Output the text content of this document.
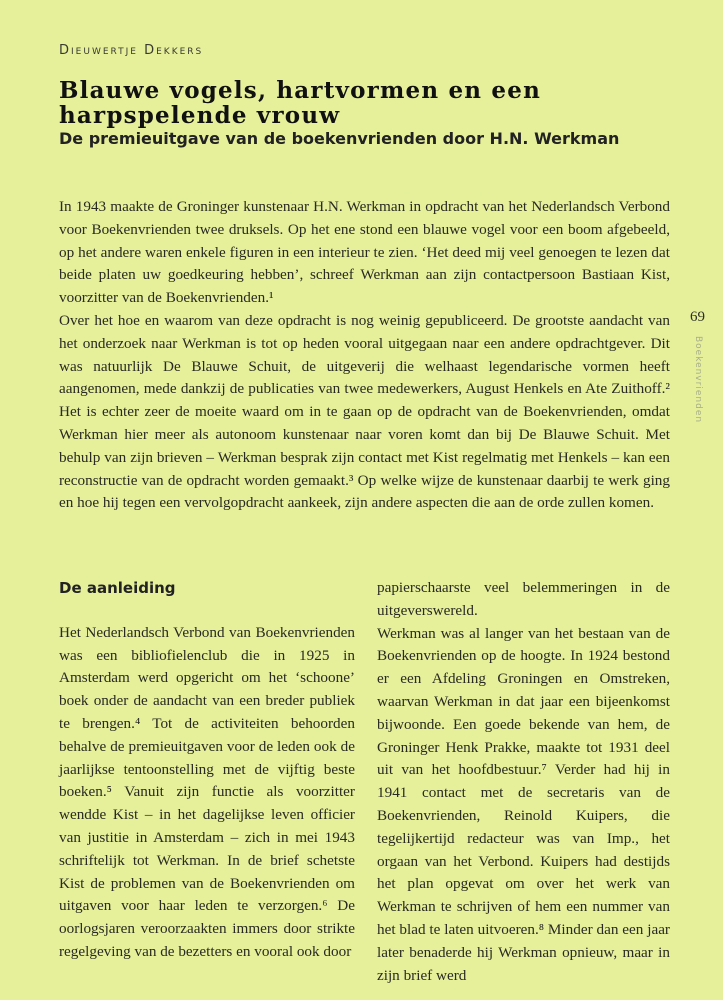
Dieuwertje Dekkers
Blauwe vogels, hartvormen en een harpspelende vrouw
De premieuitgave van de boekenvrienden door H.N. Werkman

In 1943 maakte de Groninger kunstenaar H.N. Werkman in opdracht van het Nederlandsch Verbond voor Boekenvrienden twee druksels. Op het ene stond een blauwe vogel voor een boom afgebeeld, op het andere waren enkele figuren in een interieur te zien. ‘Het deed mij veel genoegen te lezen dat beide platen uw goedkeuring hebben’, schreef Werkman aan zijn contactpersoon Bastiaan Kist, voorzitter van de Boekenvrienden.¹

Over het hoe en waarom van deze opdracht is nog weinig gepubliceerd. De grootste aandacht van het onderzoek naar Werkman is tot op heden vooral uitgegaan naar een andere opdrachtgever. Dit was natuurlijk De Blauwe Schuit, de uitgeverij die welhaast legendarische vormen heeft aangenomen, mede dankzij de publicaties van twee medewerkers, August Henkels en Ate Zuithoff.² Het is echter zeer de moeite waard om in te gaan op de opdracht van de Boekenvrienden, omdat Werkman hier meer als autonoom kunstenaar naar voren komt dan bij De Blauwe Schuit. Met behulp van zijn brieven – Werkman besprak zijn contact met Kist regelmatig met Henkels – kan een reconstructie van de opdracht worden gemaakt.³ Op welke wijze de kunstenaar daarbij te werk ging en hoe hij tegen een vervolgopdracht aankeek, zijn andere aspecten die aan de orde zullen komen.

69
Boekenvrienden
De aanleiding

Het Nederlandsch Verbond van Boekenvrienden was een bibliofielenclub die in 1925 in Amsterdam werd opgericht om het ‘schoone’ boek onder de aandacht van een breder publiek te brengen.⁴ Tot de activiteiten behoorden behalve de premieuitgaven voor de leden ook de jaarlijkse tentoonstelling met de vijftig beste boeken.⁵ Vanuit zijn functie als voorzitter wendde Kist – in het dagelijkse leven officier van justitie in Amsterdam – zich in mei 1943 schriftelijk tot Werkman. In de brief schetste Kist de problemen van de Boekenvrienden om uitgaven voor haar leden te verzorgen.⁶ De oorlogsjaren veroorzaakten immers door strikte regelgeving van de bezetters en vooral ook door

papierschaarste veel belemmeringen in de uitgeverswereld.

Werkman was al langer van het bestaan van de Boekenvrienden op de hoogte. In 1924 bestond er een Afdeling Groningen en Omstreken, waarvan Werkman in dat jaar een bijeenkomst bijwoonde. Een goede bekende van hem, de Groninger Henk Prakke, maakte tot 1931 deel uit van het hoofdbestuur.⁷ Verder had hij in 1941 contact met de secretaris van de Boekenvrienden, Reinold Kuipers, die tegelijkertijd redacteur was van Imp., het orgaan van het Verbond. Kuipers had destijds het plan opgevat om over het werk van Werkman te schrijven of hem een nummer van het blad te laten uitvoeren.⁸ Minder dan een jaar later benaderde hij Werkman opnieuw, maar in zijn brief werd
